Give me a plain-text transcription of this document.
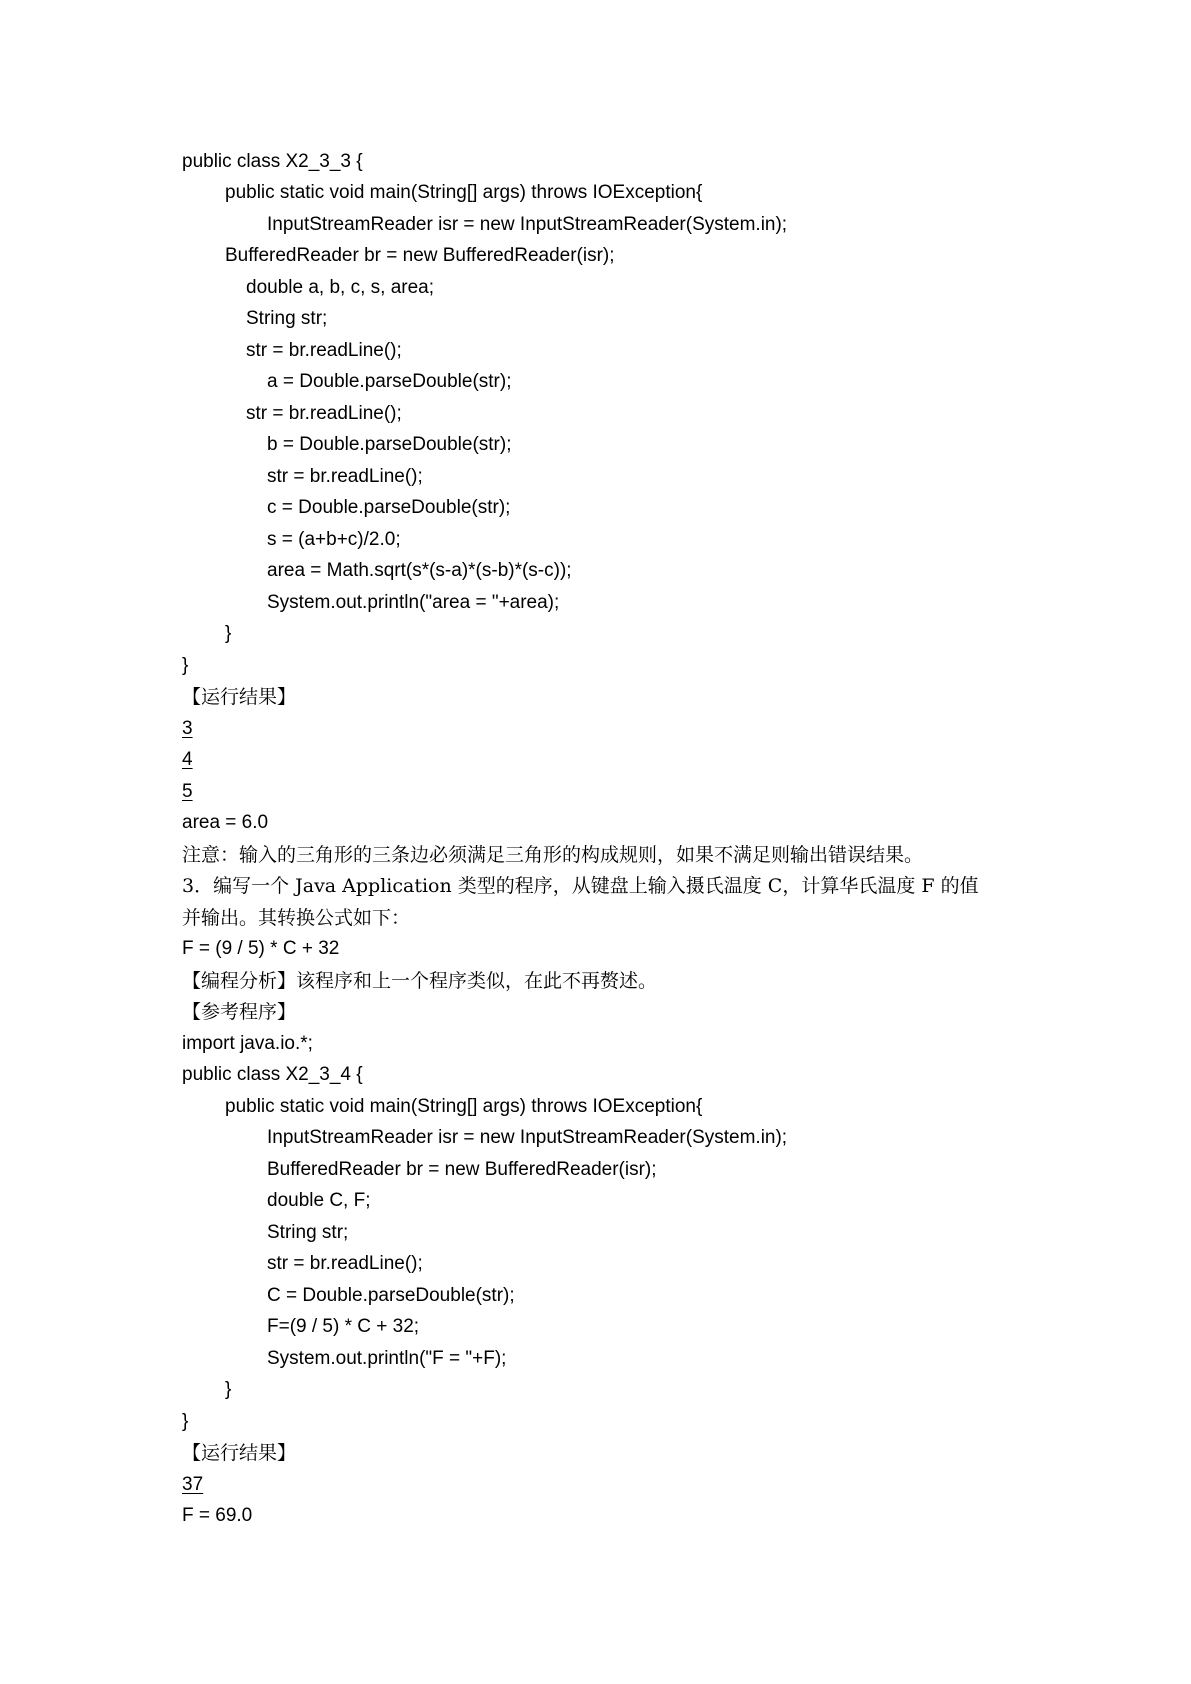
public class X2_3_3 {
public static void main(String[] args) throws IOException{
InputStreamReader isr = new InputStreamReader(System.in);
BufferedReader br = new BufferedReader(isr);
double a, b, c, s, area;
String str;
str = br.readLine();
a = Double.parseDouble(str);
str = br.readLine();
b = Double.parseDouble(str);
str = br.readLine();
c = Double.parseDouble(str);
s = (a+b+c)/2.0;
area = Math.sqrt(s*(s-a)*(s-b)*(s-c));
System.out.println("area = "+area);
}
}
【运行结果】
3
4
5
area = 6.0
注意：输入的三角形的三条边必须满足三角形的构成规则，如果不满足则输出错误结果。
3．编写一个 Java Application 类型的程序，从键盘上输入摄氏温度 C，计算华氏温度 F 的值
并输出。其转换公式如下：
F = (9 / 5) * C + 32
【编程分析】该程序和上一个程序类似，在此不再赘述。
【参考程序】
import java.io.*;
public class X2_3_4 {
public static void main(String[] args) throws IOException{
InputStreamReader isr = new InputStreamReader(System.in);
BufferedReader br = new BufferedReader(isr);
double C, F;
String str;
str = br.readLine();
C = Double.parseDouble(str);
F=(9 / 5) * C + 32;
System.out.println("F = "+F);
}
}
【运行结果】
37
F = 69.0
